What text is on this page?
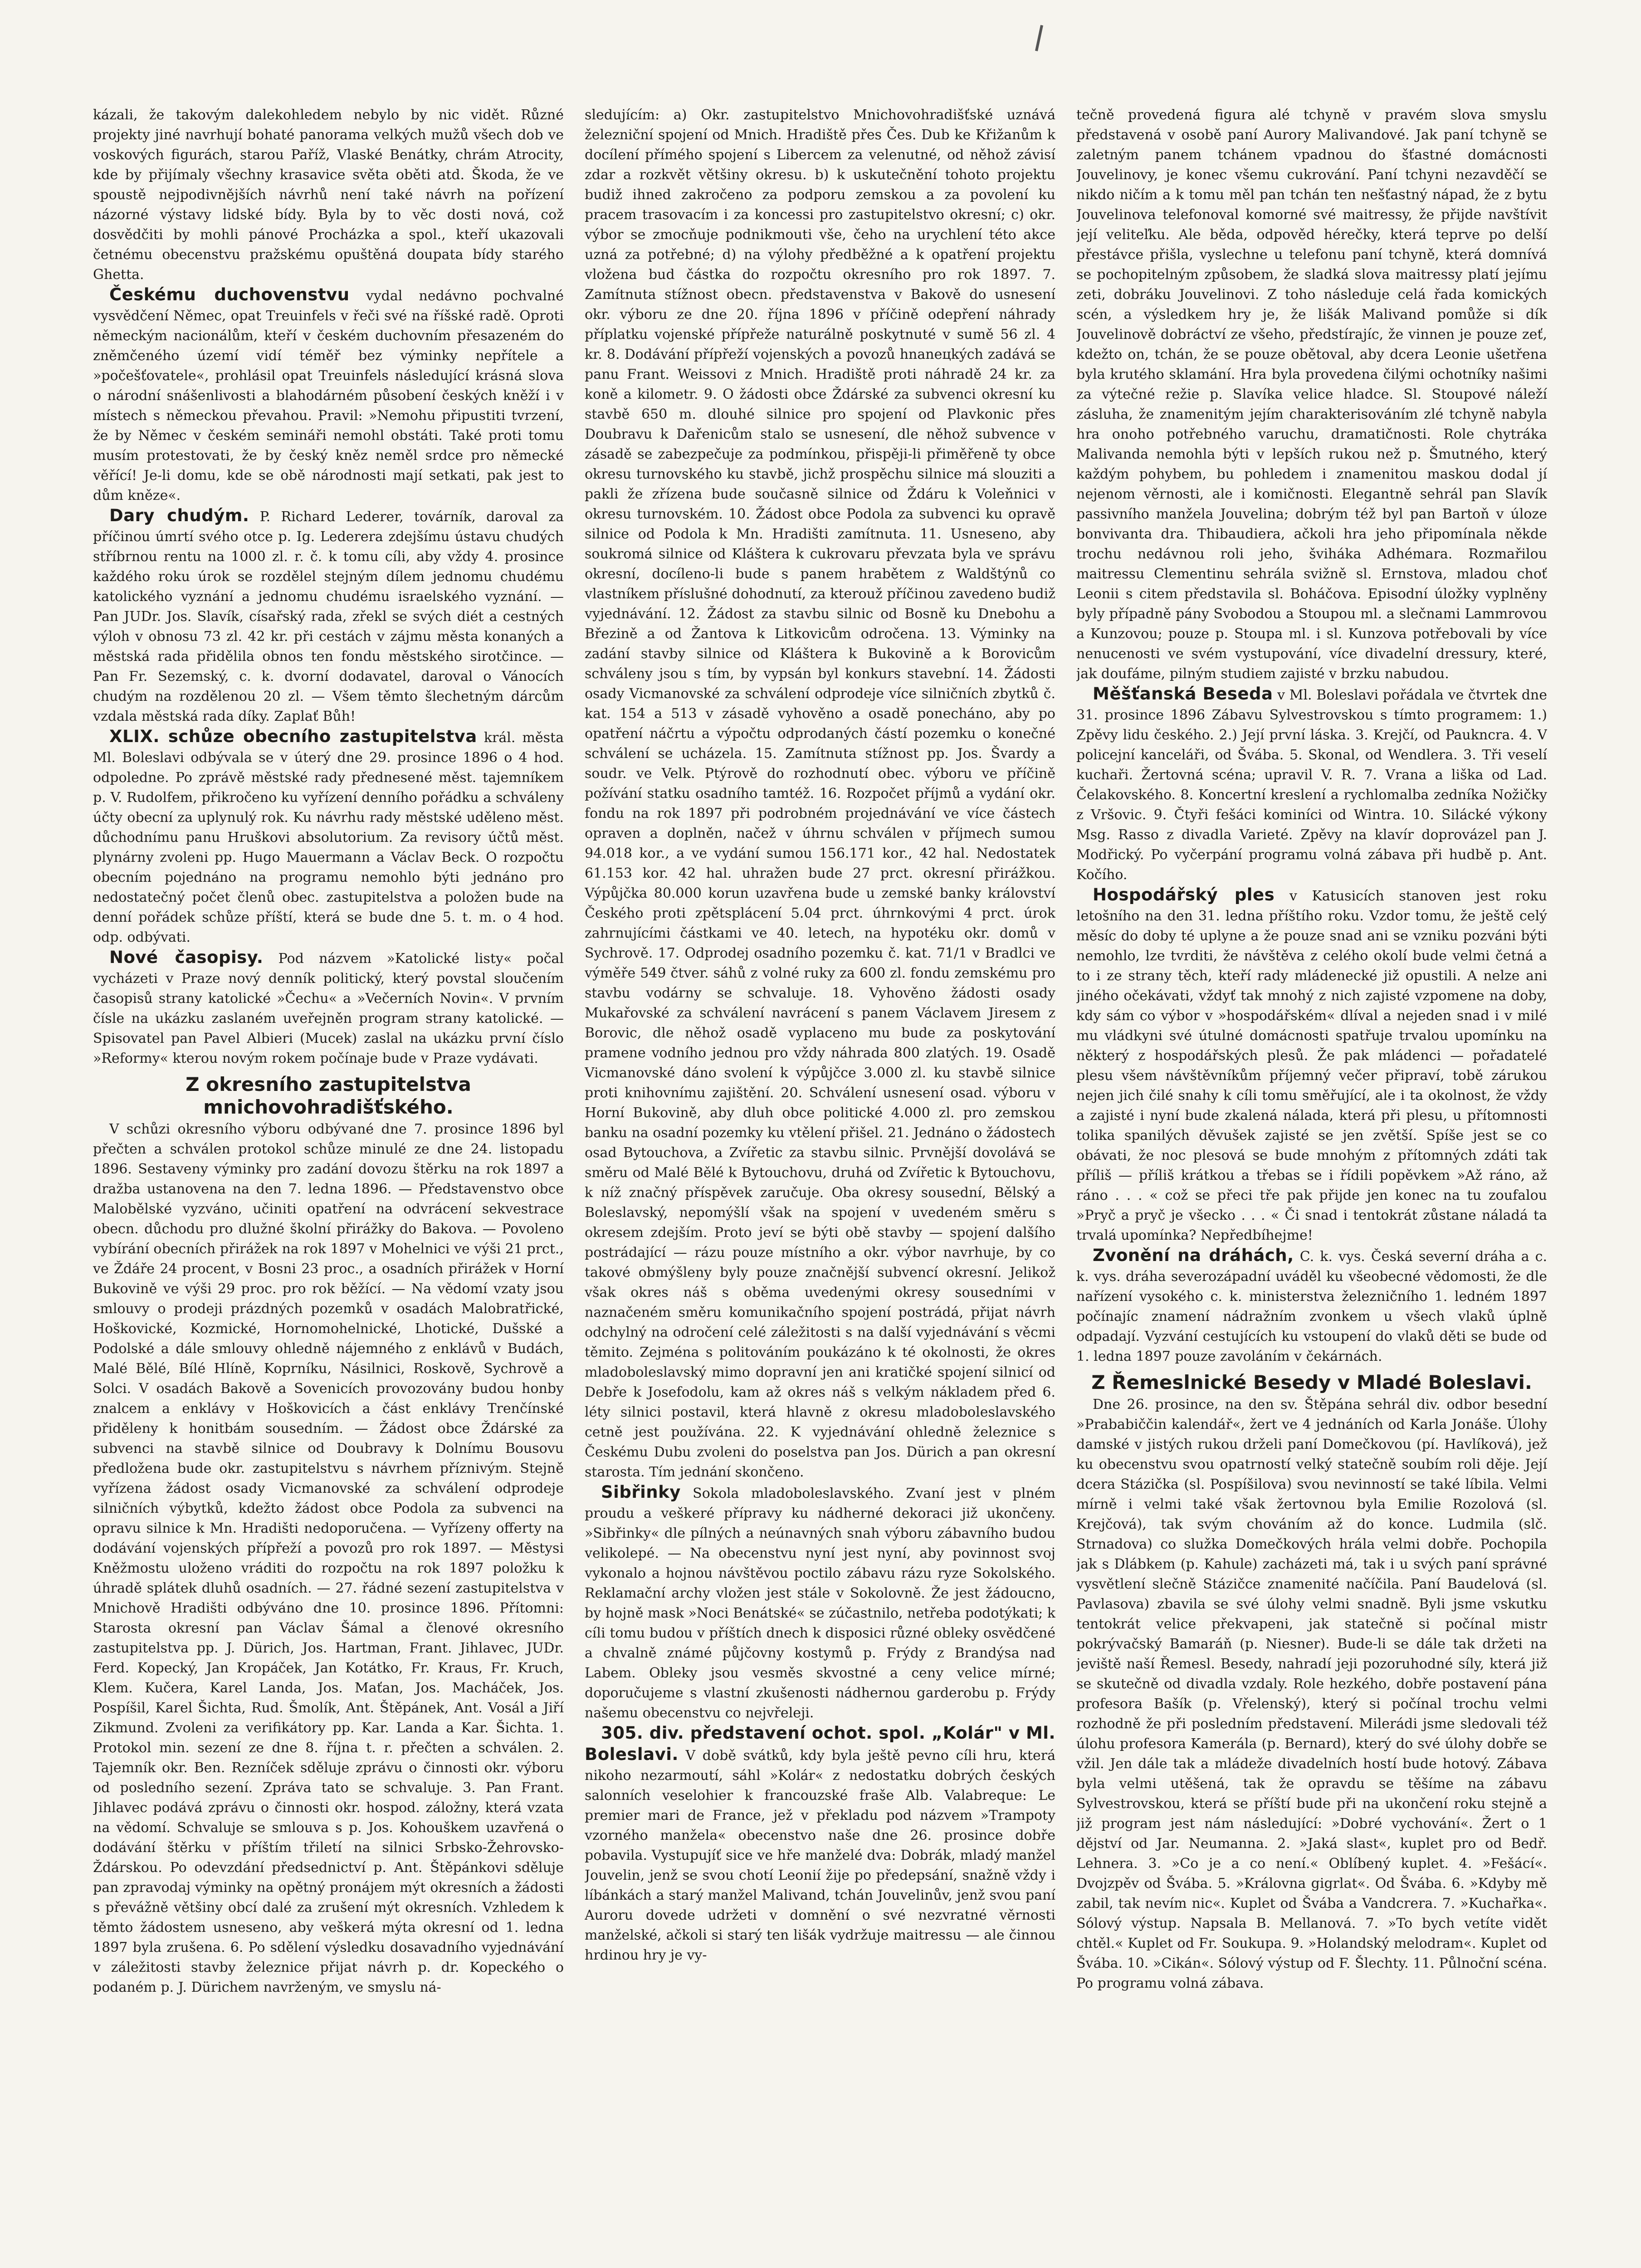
kázali, že takovým dalekohledem nebylo by nic vidět. Různé projekty jiné navrhují bohaté panorama velkých mužů všech dob ve voskových figurách, starou Paříž, Vlaské Benátky, chrám Atrocity, kde by přijímaly všechny krasavice světa oběti atd. Škoda, že ve spoustě nejpodivnějších návrhů není také návrh na pořízení názorné výstavy lidské bídy. Byla by to věc dosti nová, což dosvědčiti by mohli pánové Procházka a spol., kteří ukazovali četnému obecenstvu pražskému opuštěná doupata bídy starého Ghetta.

Českému duchovenstvu vydal nedávno pochvalné vysvědčení Němec, opat Treuinfels v řeči své na říšské radě. Oproti německým nacionálům, kteří v českém duchovním přesazeném do zněmčeného území vidí téměř bez výminky nepřítele a »počešťovatele«, prohlásil opat Treuinfels následující krásná slova o národní snášenlivosti a blahodárném působení českých kněží i v místech s německou převahou. Pravil: »Nemohu připustiti tvrzení, že by Němec v českém semináři nemohl obstáti. Také proti tomu musím protestovati, že by český kněz neměl srdce pro německé věřící! Je-li domu, kde se obě národnosti mají setkati, pak jest to dům kněze«.

Dary chudým. P. Richard Lederer, továrník, daroval za příčinou úmrtí svého otce p. Ig. Lederera zdejšímu ústavu chudých stříbrnou rentu na 1000 zl. r. č. k tomu cíli, aby vždy 4. prosince každého roku úrok se rozdělel stejným dílem jednomu chudému katolického vyznání a jednomu chudému israelského vyznání. — Pan JUDr. Jos. Slavík, císařský rada, zřekl se svých diét a cestných výloh v obnosu 73 zl. 42 kr. při cestách v zájmu města konaných a městská rada přidělila obnos ten fondu městského sirotčince. — Pan Fr. Sezemský, c. k. dvorní dodavatel, daroval o Vánocích chudým na rozdělenou 20 zl. — Všem těmto šlechetným dárcům vzdala městská rada díky. Zaplať Bůh!

XLIX. schůze obecního zastupitelstva král. města Ml. Boleslavi odbývala se v úterý dne 29. prosince 1896 o 4 hod. odpoledne. Po zprávě městské rady přednesené měst. tajemníkem p. V. Rudolfem, přikročeno ku vyřízení denního pořádku a schváleny účty obecní za uplynulý rok. Ku návrhu rady městské udělenо měst. důchodnímu panu Hruškovi absolutorium. Za revisory účtů měst. plynárny zvoleni pp. Hugo Mauermann a Václav Beck. O rozpočtu obecním pojednáno na programu nemohlo býti jednáno pro nedostatečný počet členů obec. zastupitelstva a položen bude na denní pořádek schůze příští, která se bude dne 5. t. m. o 4 hod. odp. odbývati.

Nové časopisy. Pod názvem »Katolické listy« počal vycházeti v Praze nový denník politický, který povstal sloučením časopisů strany katolické »Čechu« a »Večerních Novin«. V prvním čísle na ukázku zaslaném uveřejněn program strany katolické. — Spisovatel pan Pavel Albieri (Mucek) zaslal na ukázku první číslo »Reformy« kterou novým rokem počínaje bude v Praze vydávati.

Z okresního zastupitelstva mnichovohradišťského.

V schůzi okresního výboru odbývané dne 7. prosince 1896 byl přečten a schválen protokol schůze minulé ze dne 24. listopadu 1896. Sestaveny výminky pro zadání dovozu štěrku na rok 1897 a dražba ustanovena na den 7. ledna 1896. — Představenstvo obce Malobělské vyzváno, učiniti opatření na odvrácení sekvestrace obecn. důchodu pro dlužné školní přirážky do Bakova. — Povoleno vybírání obecních přirážek na rok 1897 v Mohelnici ve výši 21 prct., ve Ždáře 24 procent, v Bosni 23 proc., a osadních přirážek v Horní Bukovině ve výši 29 proc. pro rok běžící. — Na vědomí vzaty jsou smlouvy o prodeji prázdných pozemků v osadách Malobratřické, Hoškovické, Kozmické, Hornomohelnické, Lhotické, Dušské a Podolské a dále smlouvy ohledně nájemného z enklávů v Budách, Malé Bělé, Bílé Hlíně, Koprníku, Násilnici, Roskově, Sychrově a Solci. V osadách Bakově a Sovenicích provozovány budou honby znalcem a enklávy v Hoškovicích a část enklávy Trenčínské přiděleny k honitbám sousedním. — Žádost obce Ždárské za subvenci na stavbě silnice od Doubravy k Dolnímu Bousovu předložena bude okr. zastupitelstvu s návrhem příznivým. Stejně vyřízena žádost osady Vicmanovské za schválení odprodeje silničních výbytků, kdežto žádost obce Podola za subvenci na opravu silnice k Mn. Hradišti nedoporučena. — Vyřízeny offerty na dodávání vojenských přípřeží a povozů pro rok 1897. — Městysi Kněžmostu uloženo vráditi do rozpočtu na rok 1897 položku k úhradě splátek dluhů osadních. — 27. řádné sezení zastupitelstva v Mnichově Hradišti odbýváno dne 10. prosince 1896. Přítomni: Starosta okresní pan Václav Šámal a členové okresního zastupitelstva pp. J. Dürich, Jos. Hartman, Frant. Jihlavec, JUDr. Ferd. Kopecký, Jan Kropáček, Jan Kotátko, Fr. Kraus, Fr. Kruch, Klem. Kučera, Karel Landa, Jos. Maťan, Jos. Macháček, Jos. Pospíšil, Karel Šichta, Rud. Šmolík, Ant. Štěpánek, Ant. Vosál a Jiří Zikmund. Zvoleni za verifikátory pp. Kar. Landa a Kar. Šichta. 1. Protokol min. sezení ze dne 8. října t. r. přečten a schválen. 2. Tajemník okr. Ben. Rezníček sděluje zprávu o činnosti okr. výboru od posledního sezení. Zpráva tato se schvaluje. 3. Pan Frant. Jihlavec podává zprávu o činnosti okr. hospod. záložny, která vzata na vědomí. Schvaluje se smlouva s p. Jos. Kohouškem uzavřená o dodávání štěrku v příštím třiletí na silnici Srbsko-Žehrovsko-Ždárskou. Po odevzdání předsednictví p. Ant. Štěpánkovi sděluje pan zpravodaj výminky na opětný pronájem mýt okresních a žádosti s převážně většiny obcí dalé za zrušení mýt okresních. Vzhledem k těmto žádostem usneseno, aby veškerá mýta okresní od 1. ledna 1897 byla zrušena. 6. Po sdělení výsledku dosavadního vyjednávání v záležitosti stavby železnice přijat návrh p. dr. Kopeckého o podaném p. J. Dürichem navrženým, ve smyslu ná-

sledujícím: a) Okr. zastupitelstvo Mnichovohradišťské uznává železniční spojení od Mnich. Hradiště přes Čes. Dub ke Křižanům k docílení přímého spojení s Libercem za velenutné, od něhož závisí zdar a rozkvět většiny okresu. b) k uskutečnění tohoto projektu budiž ihned zakročeno za podporu zemskou a za povolení ku pracem trasovacím i za koncessi pro zastupitelstvo okresní; c) okr. výbor se zmocňuje podnikmouti vše, čeho na urychlení této akce uzná za potřebné; d) na výlohy předběžné a k opatření projektu vložena bud částka do rozpočtu okresního pro rok 1897. 7. Zamítnuta stížnost obecn. představenstva v Bakově do usnesení okr. výboru ze dne 20. října 1896 v příčině odepření náhrady příplatku vojenské přípřeže naturálně poskytnuté v sumě 56 zl. 4 kr. 8. Dodávání přípřeží vojenských a povozů hnanецkých zadává se panu Frant. Weissovi z Mnich. Hradiště proti náhradě 24 kr. za koně a kilometr. 9. O žádosti obce Ždárské za subvenci okresní ku stavbě 650 m. dlouhé silnice pro spojení od Plavkonic přes Doubravu k Dařenicům stalo se usnesení, dle něhož subvence v zásadě se zabezpečuje za podmínkou, přispěji-li přiměřeně ty obce okresu turnovského ku stavbě, jichž prospěchu silnice má slouziti a pakli že zřízena bude současně silnice od Ždáru k Voleňnici v okresu turnovském. 10. Žádost obce Podola za subvenci ku opravě silnice od Podola k Mn. Hradišti zamítnuta. 11. Usneseno, aby soukromá silnice od Kláštera k cukrovaru převzata byla ve správu okresní, docíleno-li bude s panem hrabětem z Waldštýnů co vlastníkem příslušné dohodnutí, za kterouž příčinou zavedeno budiž vyjednávání. 12. Žádost za stavbu silnic od Bosně ku Dnebohu a Březině a od Žantova k Litkovicům odročena. 13. Výminky na zadání stavby silnice od Kláštera k Bukovině a k Borovicům schváleny jsou s tím, by vypsán byl konkurs stavební. 14. Žádosti osady Vicmanovské za schválení odprodeje více silničních zbytků č. kat. 154 a 513 v zásadě vyhověno a osadě ponecháno, aby po opatření náčrtu a výpočtu odprodaných částí pozemku o konečné schválení se ucházela. 15. Zamítnuta stížnost pp. Jos. Švardy a soudr. ve Velk. Ptýrově do rozhodnutí obec. výboru ve příčině požívání statku osadního tamtéž. 16. Rozpočet příjmů a vydání okr. fondu na rok 1897 při podrobném projednávání ve více částech opraven a doplněn, načež v úhrnu schválen v příjmech sumou 94.018 kor., a ve vydání sumou 156.171 kor., 42 hal. Nedostatek 61.153 kor. 42 hal. uhražen bude 27 prct. okresní přirážkou. Výpůjčka 80.000 korun uzavřena bude u zemské banky království Českého proti zpětsplácení 5.04 prct. úhrnkovými 4 prct. úrok zahrnujícími částkami ve 40. letech, na hypotéku okr. domů v Sychrově. 17. Odprodej osadního pozemku č. kat. 71/1 v Bradlci ve výměře 549 čtver. sáhů z volné ruky za 600 zl. fondu zemskému pro stavbu vodárny se schvaluje. 18. Vyhověno žádosti osady Mukařovské za schválení navrácení s panem Václavem Jiresem z Borovic, dle něhož osadě vyplaceno mu bude za poskytování pramene vodního jednou pro vždy náhrada 800 zlatých. 19. Osadě Vicmanovské dáno svolení k výpůjčce 3.000 zl. ku stavbě silnice proti knihovnímu zajištění. 20. Schválení usnesení osad. výboru v Horní Bukovině, aby dluh obce politické 4.000 zl. pro zemskou banku na osadní pozemky ku vtělení přišel. 21. Jednáno o žádostech osad Bytouchova, a Zvířetic za stavbu silnic. Prvnější dovolává se směru od Malé Bělé k Bytouchovu, druhá od Zvířetic k Bytouchovu, k níž značný příspěvek zaručuje. Oba okresy sousední, Bělský a Boleslavský, nepomýšlí však na spojení v uvedeném směru s okresem zdejším. Proto jeví se býti obě stavby — spojení dalšího postrádající — rázu pouze místního a okr. výbor navrhuje, by co takové obmýšleny byly pouze značnější subvencí okresní. Jelikož však okres náš s oběma uvedenými okresy sousedními v naznačeném směru komunikačního spojení postrádá, přijat návrh odchylný na odročení celé záležitosti s na další vyjednávání s věcmi těmito. Zejména s politováním poukázáno k té okolnosti, že okres mladoboleslavský mimo dopravní jen ani kratičké spojení silnicí od Debře k Josefodolu, kam až okres náš s velkým nákladem před 6. léty silnici postavil, která hlavně z okresu mladoboleslavského cetně jest používána. 22. K vyjednávání ohledně železnice s Českému Dubu zvoleni do poselstva pan Jos. Dürich a pan okresní starosta. Tím jednání skončeno.

Sibřinky Sokola mladoboleslavského. Zvaní jest v plném proudu a veškeré přípravy ku nádherné dekoraci již ukončeny. »Sibřinky« dle pílných a neúnavných snah výboru zábavního budou velikolepé. — Na obecenstvu nyní jest nyní, aby povinnost svoj vykonalo a hojnou návštěvou poctilo zábavu rázu ryze Sokolského. Reklamační archy vložen jest stále v Sokolovně. Že jest žádoucno, by hojně mask »Noci Benátské« se zúčastnilo, netřeba podotýkati; k cíli tomu budou v příštích dnech k disposici různé obleky osvědčené a chvalně známé půjčovny kostymů p. Frýdy z Brandýsa nad Labem. Obleky jsou vesměs skvostné a ceny velice mírné; doporučujeme s vlastní zkušenosti nádhernou garderobu p. Frýdy našemu obecenstvu co nejvřeleji.

305. div. představení ochot. spol. „Kolár" v Ml. Boleslavi. V době svátků, kdy byla ještě pevno cíli hru, která nikoho nezarmoutí, sáhl »Kolár« z nedostatku dobrých českých salonních veselohier k francouzské fraše Alb. Valabreque: Le premier mari de France, jež v překladu pod názvem »Trampoty vzorného manžela« obecenstvo naše dne 26. prosince dobře pobavila. Vystupujíť sice ve hře manželé dva: Dobrák, mladý manžel Jouvelin, jenž se svou chotí Leonií žije po předepsání, snažně vždy i líbánkách a starý manžel Malivand, tchán Jouvelinův, jenž svou paní Auroru dovede udržeti v domnění o své nezvratné věrnosti manželské, ačkoli si starý ten lišák vydržuje maitressu — ale činnou hrdinou hry je vy-

tečně provedená figura alé tchyně v pravém slova smyslu představená v osobě paní Aurory Malivandové. Jak paní tchyně se zaletným panem tchánem vpadnou do šťastné domácnosti Jouvelinovy, je konec všemu cukrování. Paní tchyni nezavděčí se nikdo ničím a k tomu měl pan tchán ten nešťastný nápad, že z bytu Jouvelinova telefonoval komorné své maitressy, že přijde navštívit její veliteľku. Ale běda, odpověd hérečky, která teprve po delší přestávce přišla, vyslechne u telefonu paní tchyně, která domnívá se pochopitelným způsobem, že sladká slova maitressy platí jejímu zeti, dobráku Jouvelinovi. Z toho následuje celá řada komických scén, a výsledkem hry je, že lišák Malivand pomůže si dík Jouvelinově dobráctví ze všeho, předstírajíc, že vinnen je pouze zeť, kdežto on, tchán, že se pouze obětoval, aby dcera Leonie ušetřena byla krutého sklamání. Hra byla provedena čilými ochotníky našimi za výtečné režie p. Slavíka velice hladce. Sl. Stoupové náleží zásluha, že znamenitým jejím charakterisováním zlé tchyně nabyla hra onoho potřebného varuchu, dramatičnosti. Role chytráka Malivanda nemohla býti v lepších rukou než p. Šmutného, který každým pohybem, bu pohledem i znamenitou maskou dodal jí nejenom věrnosti, ale i komičnosti. Elegantně sehrál pan Slavík passivního manžela Jouvelina; dobrým též byl pan Bartoň v úloze bonvivanta dra. Thibaudiera, ačkoli hra jeho připomínala někde trochu nedávnou roli jeho, šviháka Adhémara. Rozmařilou maitressu Clementinu sehrála svižně sl. Ernstova, mladou choť Leonii s citem představila sl. Boháčova. Episodní úložky vyplněny byly případně pány Svobodou a Stoupou ml. a slečnami Lammrovou a Kunzovou; pouze p. Stoupa ml. i sl. Kunzova potřebovali by více nenucenosti ve svém vystupování, více divadelní dressury, které, jak doufáme, pilným studiem zajisté v brzku nabudou.

Měšťanská Beseda v Ml. Boleslavi pořádala ve čtvrtek dne 31. prosince 1896 Zábavu Sylvestrovskou s tímto programem: 1.) Zpěvy lidu českého. 2.) Její první láska. 3. Krejčí, od Paukncra. 4. V policejní kanceláři, od Švába. 5. Skonal, od Wendlera. 3. Tři veselí kuchaři. Žertovná scéna; upravil V. R. 7. Vrana a liška od Lad. Čelakovského. 8. Koncertní kreslení a rychlomalba zedníka Nožičky z Vršovic. 9. Čtyři fešáci kominíci od Wintra. 10. Silácké výkony Msg. Rasso z divadla Varieté. Zpěvy na klavír doprovázel pan J. Modřický. Po vyčerpání programu volná zábava při hudbě p. Ant. Kočího.

Hospodářský ples v Katusicích stanoven jest roku letošního na den 31. ledna příštího roku. Vzdor tomu, že ještě celý měsíc do doby té uplyne a že pouze snad ani se vzniku pozváni býti nemohlo, lze tvrditi, že návštěva z celého okolí bude velmi četná a to i ze strany těch, kteří rady mládenecké již opustili. A nelze ani jiného očekávati, vždyť tak mnohý z nich zajisté vzpomene na doby, kdy sám co výbor v »hospodářském« dlíval a nejeden snad i v milé mu vládkyni své útulné domácnosti spatřuje trvalou upomínku na některý z hospodářských plesů. Že pak mládenci — pořadatelé plesu všem návštěvníkům příjemný večer připraví, tobě zárukou nejen jich čilé snahy k cíli tomu směřující, ale i ta okolnost, že vždy a zajisté i nyní bude zkalená nálada, která při plesu, u přítomnosti tolika spanilých děvušek zajisté se jen zvětší. Spíše jest se co obávati, že noc plesová se bude mnohým z přítomných zdáti tak příliš — příliš krátkou a třebas se i řídili popěvkem »Až ráno, až ráno . . . « což se přeci tře pak přijde jen konec na tu zoufalou »Pryč a pryč je všecko . . . « Či snad i tentokrát zůstane náladá ta trvalá upomínka? Nepředbíhejme!

Zvonění na dráhách, C. k. vys. Česká severní dráha a c. k. vys. dráha severozápadní uváděl ku všeobecné vědomosti, že dle nařízení vysokého c. k. ministerstva železničního 1. ledném 1897 počínajíc znamení nádražním zvonkem u všech vlaků úplně odpadají. Vyzvání cestujících ku vstoupení do vlaků děti se bude od 1. ledna 1897 pouze zavoláním v čekárnách.

Z Řemeslnické Besedy v Mladé Boleslavi.

Dne 26. prosince, na den sv. Štěpána sehrál div. odbor besední »Prababiččin kalendář«, žert ve 4 jednáních od Karla Jonáše. Úlohy damské v jistých rukou drželi paní Domečkovou (pí. Havlíková), jež ku obecenstvu svou opatrností velký statečně soubím roli děje. Její dcera Stázička (sl. Pospíšilova) svou nevinností se také líbila. Velmi mírně i velmi také však žertovnou byla Emilie Rozolová (sl. Krejčová), tak svým chováním až do konce. Ludmila (slč. Strnadova) co služka Domečkových hrála velmi dobře. Pochopila jak s Dlábkem (p. Kahule) zacházeti má, tak i u svých paní správné vysvětlení slečně Stázičce znamenité načíčila. Paní Baudelová (sl. Pavlasova) zbavila se své úlohy velmi snadně. Byli jsme vskutku tentokrát velice překvapeni, jak statečně si počínal mistr pokrývačský Bamaráň (p. Niesner). Bude-li se dále tak držeti na jeviště naší Řemesl. Besedy, nahradí jeji pozoruhodné síly, která již se skutečně od divadla vzdaly. Role hezkého, dobře postavení pána profesora Bašík (p. Vřelenský), který si počínal trochu velmi rozhodně že při posledním představení. Milerádi jsme sledovali též úlohu profesora Kamerála (p. Bernard), který do své úlohy dobře se vžil. Jen dále tak a mládeže divadelních hostí bude hotový. Zábava byla velmi utěšená, tak že opravdu se těšíme na zábavu Sylvestrovskou, která se příští bude při na ukončení roku stejně a již program jest nám následující: »Dobré vychování«. Žert o 1 dějství od Jar. Neumanna. 2. »Jaká slast«, kuplet pro od Bedř. Lehnera. 3. »Co je a co není.« Oblíbený kuplet. 4. »Fešácí«. Dvojzpěv od Švába. 5. »Královna gigrlat«. Od Švába. 6. »Kdyby mě zabil, tak nevím nic«. Kuplet od Švába a Vandcrera. 7. »Kuchařka«. Sólový výstup. Napsala B. Mellanová. 7. »To bych vetíte vidět chtěl.« Kuplet od Fr. Soukupa. 9. »Holandský melodram«. Kuplet od Švába. 10. »Cikán«. Sólový výstup od F. Šlechty. 11. Půlnoční scéna. Po programu volná zábava.
